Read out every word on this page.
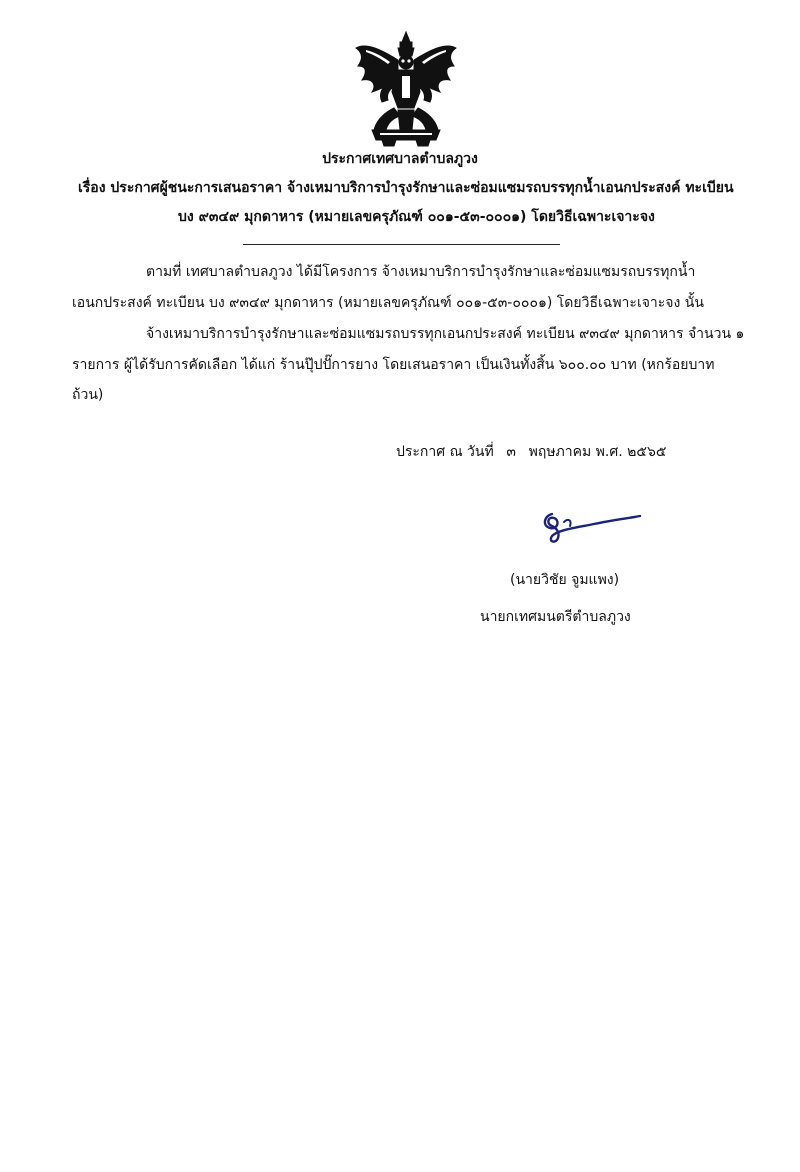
ประกาศเทศบาลตำบลภูวง
เรื่อง ประกาศผู้ชนะการเสนอราคา จ้างเหมาบริการบำรุงรักษาและซ่อมแซมรถบรรทุกน้ำเอนกประสงค์ ทะเบียน
บง ๙๓๔๙ มุกดาหาร (หมายเลขครุภัณฑ์ ๐๐๑-๕๓-๐๐๐๑) โดยวิธีเฉพาะเจาะจง
ตามที่ เทศบาลตำบลภูวง ได้มีโครงการ จ้างเหมาบริการบำรุงรักษาและซ่อมแซมรถบรรทุกน้ำ
เอนกประสงค์ ทะเบียน บง ๙๓๔๙ มุกดาหาร (หมายเลขครุภัณฑ์ ๐๐๑-๕๓-๐๐๐๑) โดยวิธีเฉพาะเจาะจง นั้น
จ้างเหมาบริการบำรุงรักษาและซ่อมแซมรถบรรทุกเอนกประสงค์ ทะเบียน ๙๓๔๙ มุกดาหาร จำนวน ๑
รายการ ผู้ได้รับการคัดเลือก ได้แก่ ร้านปุ๊ปปั๊การยาง โดยเสนอราคา เป็นเงินทั้งสิ้น ๖๐๐.๐๐ บาท (หกร้อยบาท
ถ้วน)
ประกาศ ณ วันที่ ๓ พฤษภาคม พ.ศ. ๒๕๖๕
(นายวิชัย จูมแพง)
นายกเทศมนตรีตำบลภูวง
